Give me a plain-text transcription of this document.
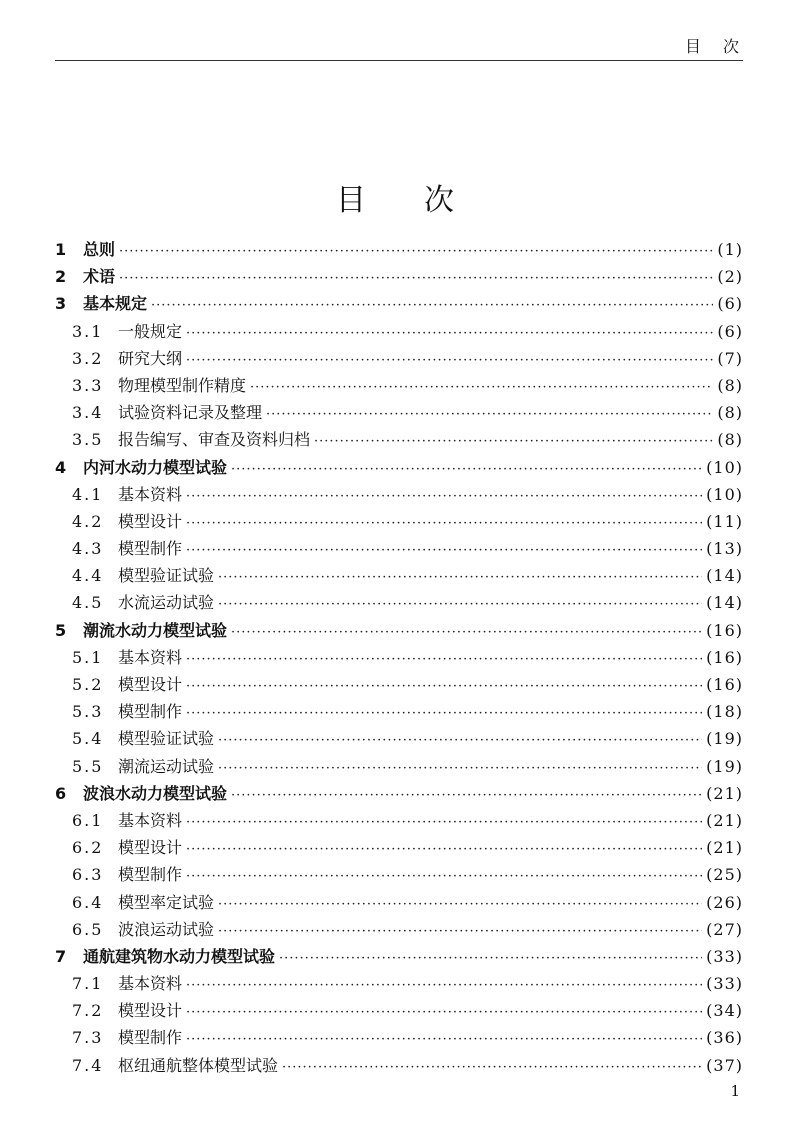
目次
目次
1	总则 ·····	(1)
2	术语 ·····	(2)
3	基本规定 ·····	(6)
3.1 一般规定 ·····	(6)
3.2 研究大纲 ·····	(7)
3.3 物理模型制作精度 ·····	(8)
3.4 试验资料记录及整理 ·····	(8)
3.5 报告编写、审查及资料归档 ·····	(8)
4	内河水动力模型试验 ·····	(10)
4.1 基本资料 ·····	(10)
4.2 模型设计 ·····	(11)
4.3 模型制作 ·····	(13)
4.4 模型验证试验 ·····	(14)
4.5 水流运动试验 ·····	(14)
5	潮流水动力模型试验 ·····	(16)
5.1 基本资料 ·····	(16)
5.2 模型设计 ·····	(16)
5.3 模型制作 ·····	(18)
5.4 模型验证试验 ·····	(19)
5.5 潮流运动试验 ·····	(19)
6	波浪水动力模型试验 ·····	(21)
6.1 基本资料 ·····	(21)
6.2 模型设计 ·····	(21)
6.3 模型制作 ·····	(25)
6.4 模型率定试验 ·····	(26)
6.5 波浪运动试验 ·····	(27)
7	通航建筑物水动力模型试验 ·····	(33)
7.1 基本资料 ·····	(33)
7.2 模型设计 ·····	(34)
7.3 模型制作 ·····	(36)
7.4 枢纽通航整体模型试验 ·····	(37)
1
